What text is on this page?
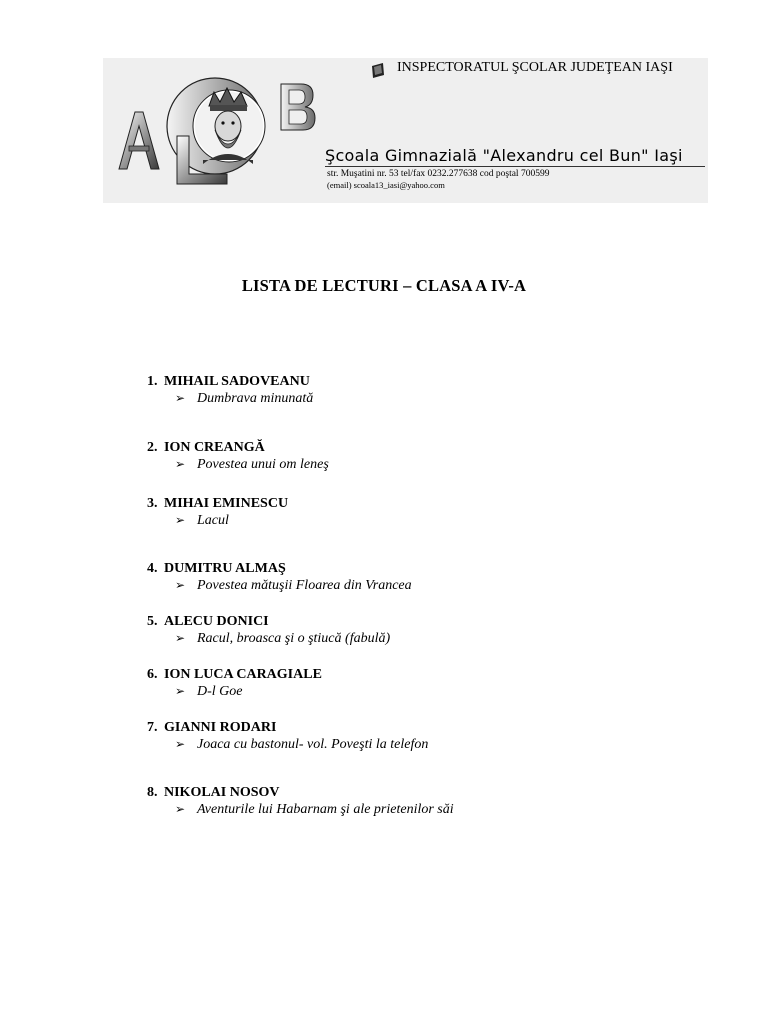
INSPECTORATUL ŞCOLAR JUDEŢEAN IAŞI
Şcoala Gimnazială "Alexandru cel Bun" Iaşi
str. Muşatini nr. 53 tel/fax 0232.277638 cod poştal 700599
(email) scoala13_iasi@yahoo.com
LISTA DE LECTURI – CLASA A IV-A
1. MIHAIL SADOVEANU
➢ Dumbrava minunată
2. ION CREANGĂ
➢ Povestea unui om leneş
3. MIHAI EMINESCU
➢ Lacul
4. DUMITRU ALMAŞ
➢ Povestea mătuşii Floarea din Vrancea
5. ALECU DONICI
➢ Racul, broasca şi o ştiucă (fabulă)
6. ION LUCA CARAGIALE
➢ D-l Goe
7. GIANNI RODARI
➢ Joaca cu bastonul- vol. Poveşti la telefon
8. NIKOLAI NOSOV
➢ Aventurile lui Habarnam şi ale prietenilor săi
